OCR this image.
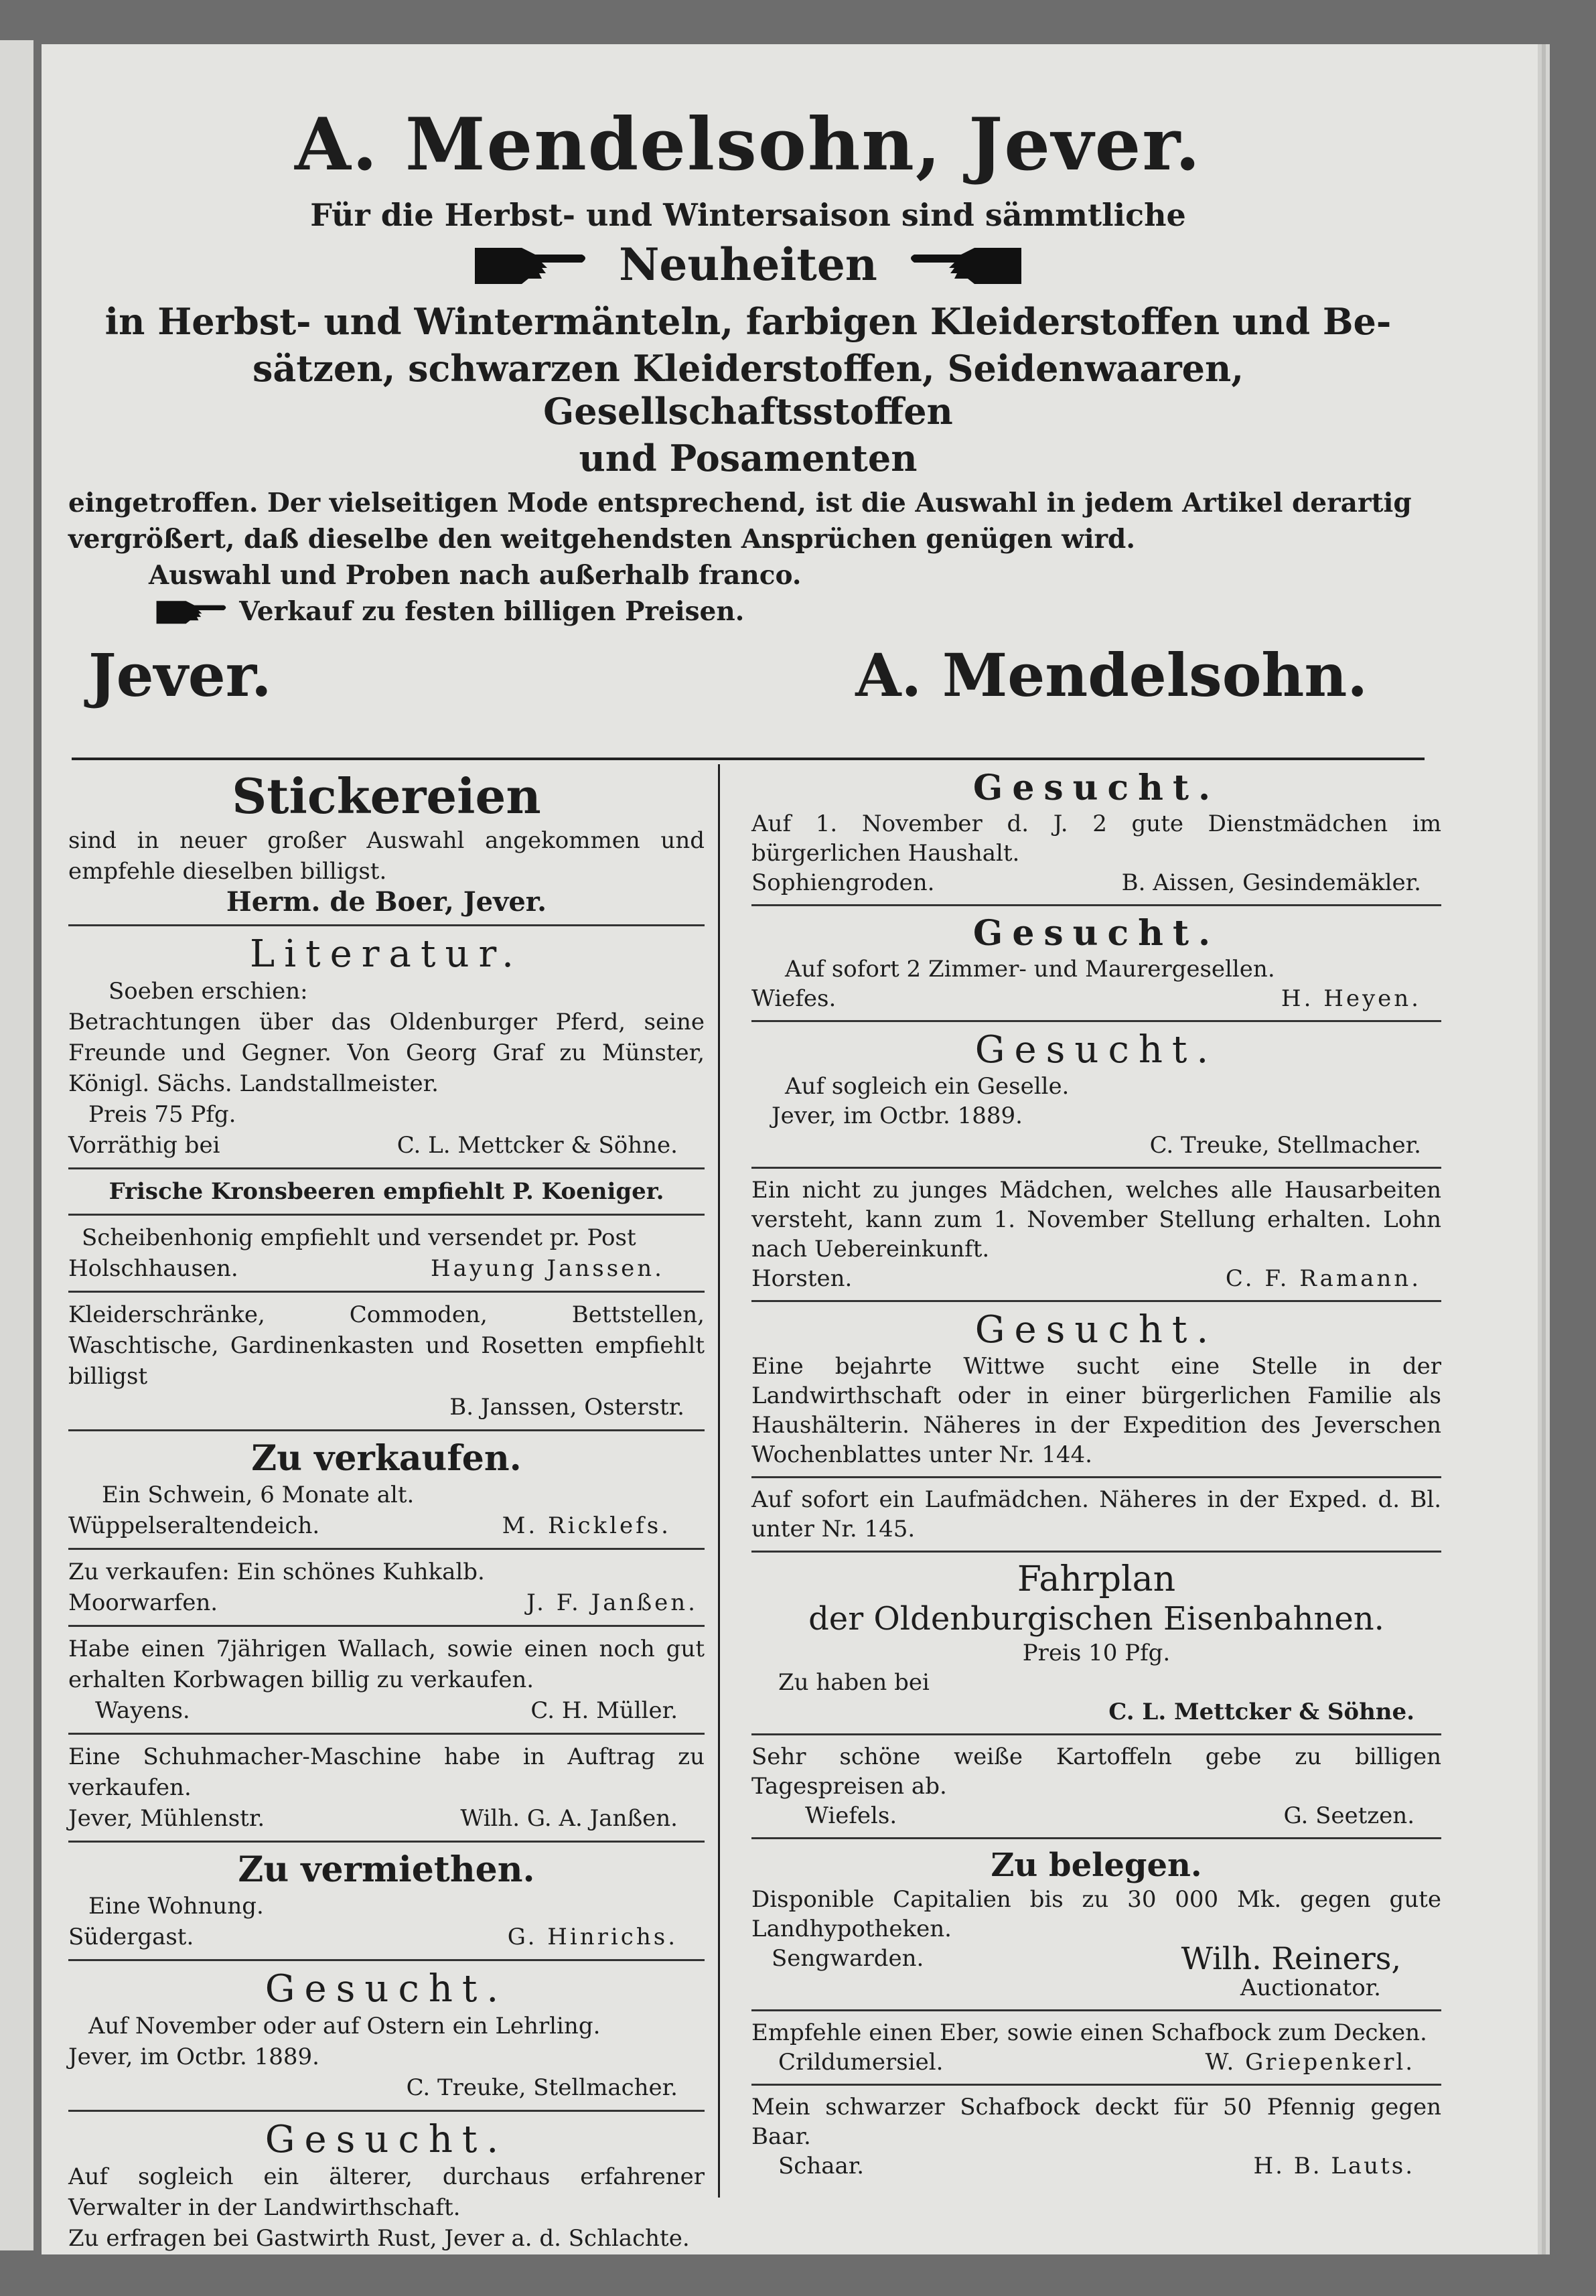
A. Mendelsohn, Jever.
Für die Herbst- und Wintersaison sind sämmtliche
Neuheiten
in Herbst- und Wintermänteln, farbigen Kleiderstoffen und Be-
sätzen, schwarzen Kleiderstoffen, Seidenwaaren, Gesellschaftsstoffen
und Posamenten
eingetroffen. Der vielseitigen Mode entsprechend, ist die Auswahl in jedem Artikel derartig
vergrößert, daß dieselbe den weitgehendsten Ansprüchen genügen wird.
Auswahl und Proben nach außerhalb franco.
Verkauf zu festen billigen Preisen.
Jever.	A. Mendelsohn.
Stickereien

sind in neuer großer Auswahl angekommen und empfehle dieselben billigst.

Herm. de Boer, Jever.
Literatur.

Soeben erschien:

Betrachtungen über das Oldenburger Pferd, seine Freunde und Gegner. Von Georg Graf zu Münster, Königl. Sächs. Landstallmeister.

Preis 75 Pfg.

Vorräthig bei	C. L. Mettcker & Söhne.

Frische Kronsbeeren empfiehlt P. Koeniger.

Scheibenhonig empfiehlt und versendet pr. Post

Holschhausen.	Hayung Janssen.

Kleiderschränke, Commoden, Bettstellen, Waschtische, Gardinenkasten und Rosetten empfiehlt billigst

B. Janssen, Osterstr.
Zu verkaufen.

Ein Schwein, 6 Monate alt.

Wüppelseraltendeich.	M. Ricklefs.

Zu verkaufen: Ein schönes Kuhkalb.

Moorwarfen.	J. F. Janßen.

Habe einen 7jährigen Wallach, sowie einen noch gut erhalten Korbwagen billig zu verkaufen.

Wayens.	C. H. Müller.

Eine Schuhmacher-Maschine habe in Auftrag zu verkaufen.

Jever, Mühlenstr.	Wilh. G. A. Janßen.
Zu vermiethen.

Eine Wohnung.

Südergast.	G. Hinrichs.
Gesucht.

Auf November oder auf Ostern ein Lehrling.

Jever, im Octbr. 1889.

C. Treuke, Stellmacher.
Gesucht.

Auf sogleich ein älterer, durchaus erfahrener Verwalter in der Landwirthschaft.

Zu erfragen bei Gastwirth Rust, Jever a. d. Schlachte.

Gesucht.

Auf 1. November d. J. 2 gute Dienstmädchen im bürgerlichen Haushalt.

Sophiengroden.	B. Aissen, Gesindemäkler.
Gesucht.

Auf sofort 2 Zimmer- und Maurergesellen.

Wiefes.	H. Heyen.
Gesucht.

Auf sogleich ein Geselle.

Jever, im Octbr. 1889.

C. Treuke, Stellmacher.

Ein nicht zu junges Mädchen, welches alle Hausarbeiten versteht, kann zum 1. November Stellung erhalten. Lohn nach Uebereinkunft.

Horsten.	C. F. Ramann.
Gesucht.

Eine bejahrte Wittwe sucht eine Stelle in der Landwirthschaft oder in einer bürgerlichen Familie als Haushälterin. Näheres in der Expedition des Jeverschen Wochenblattes unter Nr. 144.

Auf sofort ein Laufmädchen. Näheres in der Exped. d. Bl. unter Nr. 145.

Fahrplan
der Oldenburgischen Eisenbahnen.
Preis 10 Pfg.

Zu haben bei

C. L. Mettcker & Söhne.

Sehr schöne weiße Kartoffeln gebe zu billigen Tagespreisen ab.

Wiefels.	G. Seetzen.
Zu belegen.

Disponible Capitalien bis zu 30 000 Mk. gegen gute Landhypotheken.

Sengwarden.	Wilh. Reiners,
Auctionator.

Empfehle einen Eber, sowie einen Schafbock zum Decken.

Crildumersiel.	W. Griepenkerl.

Mein schwarzer Schafbock deckt für 50 Pfennig gegen Baar.

Schaar.	H. B. Lauts.
